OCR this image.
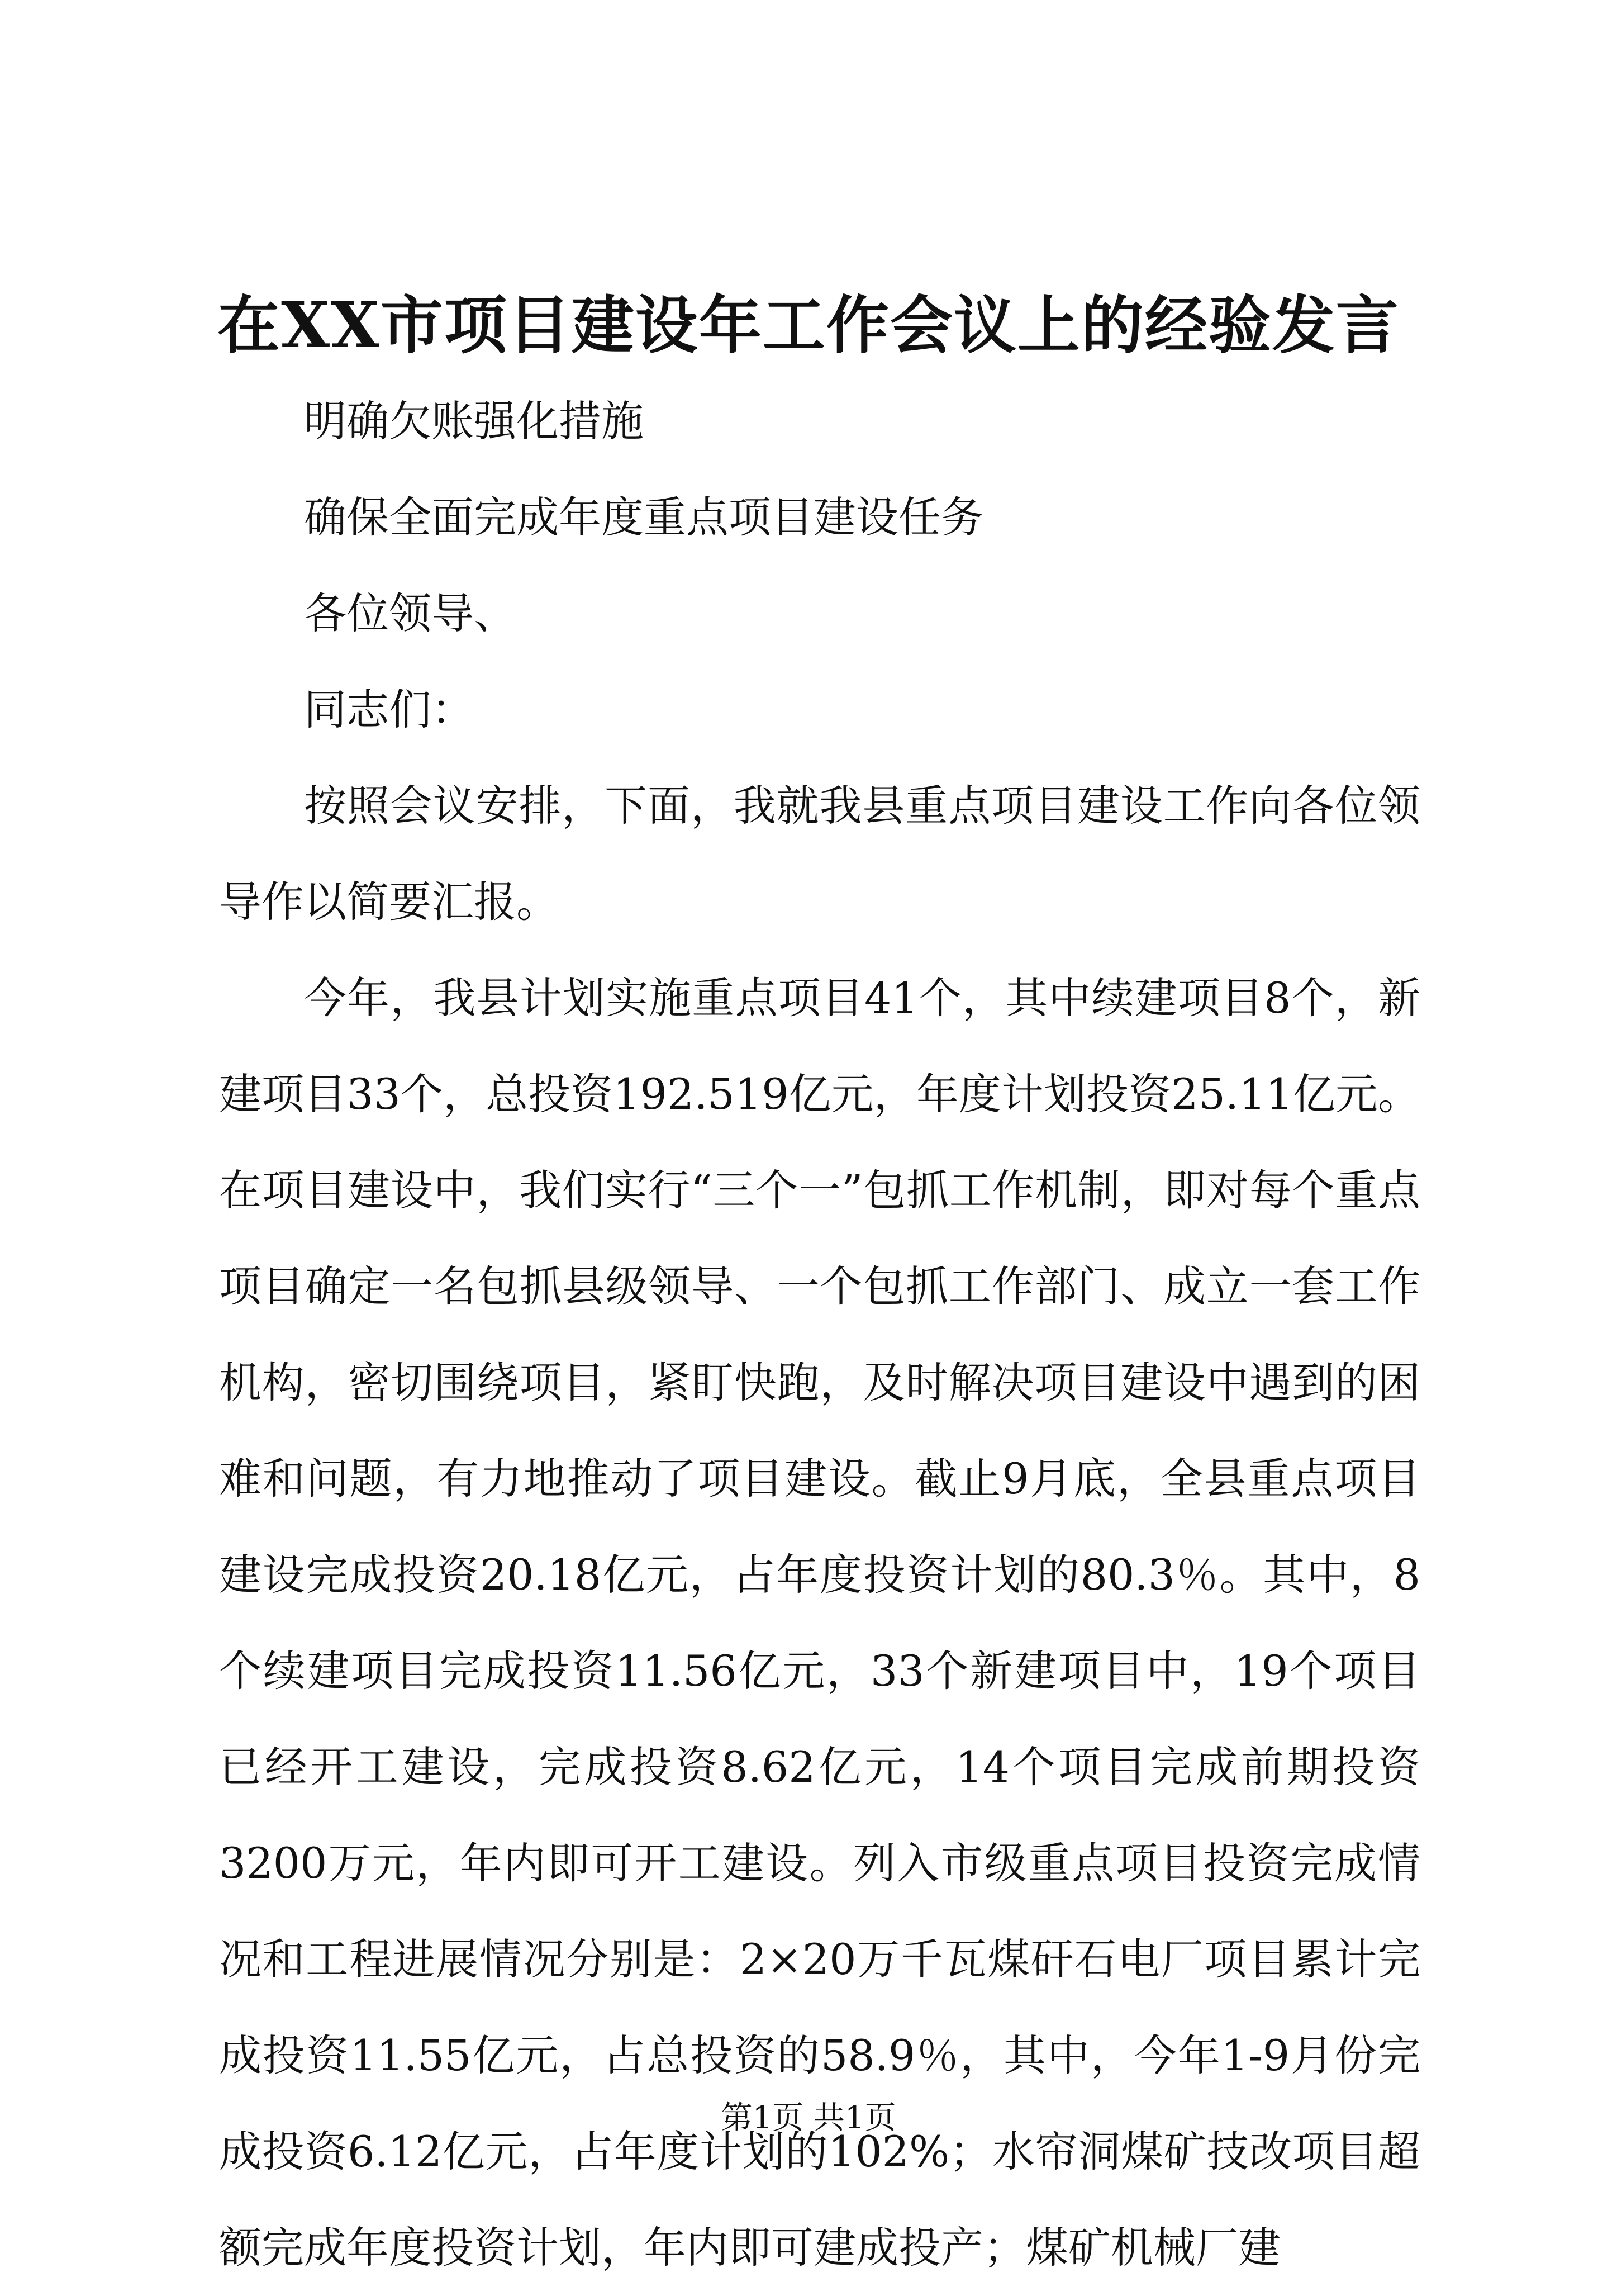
在XX市项目建设年工作会议上的经验发言

明确欠账强化措施

确保全面完成年度重点项目建设任务

各位领导、

同志们：

按照会议安排，下面，我就我县重点项目建设工作向各位领导作以简要汇报。

今年，我县计划实施重点项目41个，其中续建项目8个，新建项目33个，总投资192.519亿元，年度计划投资25.11亿元。在项目建设中，我们实行“三个一”包抓工作机制，即对每个重点项目确定一名包抓县级领导、一个包抓工作部门、成立一套工作机构，密切围绕项目，紧盯快跑，及时解决项目建设中遇到的困难和问题，有力地推动了项目建设。截止9月底，全县重点项目建设完成投资20.18亿元，占年度投资计划的80.3％。其中，8个续建项目完成投资11.56亿元，33个新建项目中，19个项目已经开工建设，完成投资8.62亿元，14个项目完成前期投资3200万元，年内即可开工建设。列入市级重点项目投资完成情况和工程进展情况分别是：2×20万千瓦煤矸石电厂项目累计完成投资11.55亿元，占总投资的58.9％，其中，今年1-9月份完成投资6.12亿元，占年度计划的102%；水帘洞煤矿技改项目超额完成年度投资计划，年内即可建成投产；煤矿机械厂建

第1页 共1页
